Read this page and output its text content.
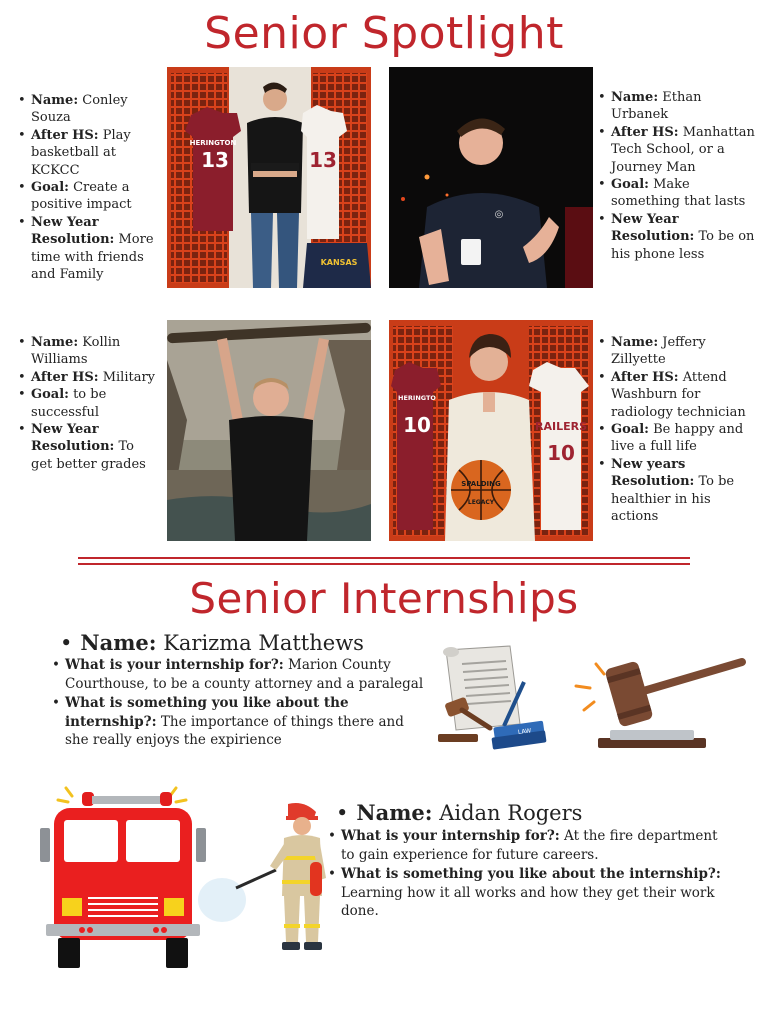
Senior Spotlight
• Name: Conley Souza
• After HS: Play basketball at KCKCC
• Goal: Create a positive impact
• New Year Resolution: More time with friends and Family
HERINGTON
13	13
KANSAS
◎
• Name: Ethan Urbanek
• After HS: Manhattan Tech School, or a Journey Man
• Goal: Make something that lasts
• New Year Resolution: To be on his phone less
• Name: Kollin Williams
• After HS: Military
• Goal: to be successful
• New Year Resolution: To get better grades
HERINGTO
10	RAILERS
10
SPALDING
LEGACY
• Name: Jeffery Zillyette
• After HS: Attend Washburn for radiology technician
• Goal: Be happy and live a full life
• New years Resolution: To be healthier in his actions
Senior Internships
• Name: Karizma Matthews
• What is your internship for?: Marion County Courthouse, to be a county attorney and a paralegal
• What is something you like about the internship?: The importance of things there and she really enjoys the expirience
LAW
• Name: Aidan Rogers
• What is your internship for?: At the fire department to gain experience for future careers.
• What is something you like about the internship?: Learning how it all works and how they get their work done.
